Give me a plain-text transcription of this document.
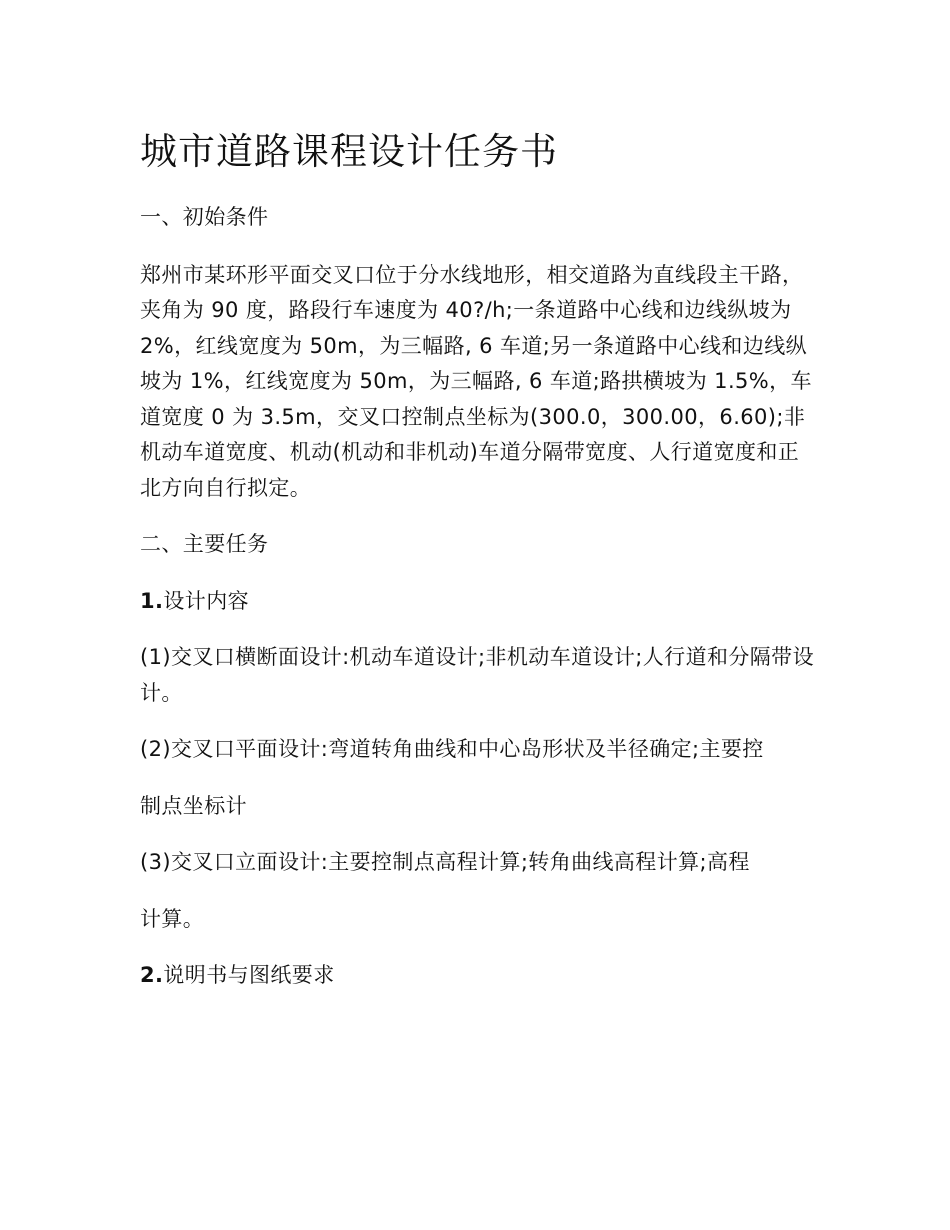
城市道路课程设计任务书

一、初始条件

郑州市某环形平面交叉口位于分水线地形，相交道路为直线段主干路，夹角为 90 度，路段行车速度为 40?/h;一条道路中心线和边线纵坡为 2%，红线宽度为 50m，为三幅路, 6 车道;另一条道路中心线和边线纵坡为 1%，红线宽度为 50m，为三幅路, 6 车道;路拱横坡为 1.5%，车道宽度 0 为 3.5m，交叉口控制点坐标为(300.0，300.00，6.60);非机动车道宽度、机动(机动和非机动)车道分隔带宽度、人行道宽度和正北方向自行拟定。

二、主要任务

1.设计内容

(1)交叉口横断面设计:机动车道设计;非机动车道设计;人行道和分隔带设计。

(2)交叉口平面设计:弯道转角曲线和中心岛形状及半径确定;主要控

制点坐标计

(3)交叉口立面设计:主要控制点高程计算;转角曲线高程计算;高程

计算。

2.说明书与图纸要求
